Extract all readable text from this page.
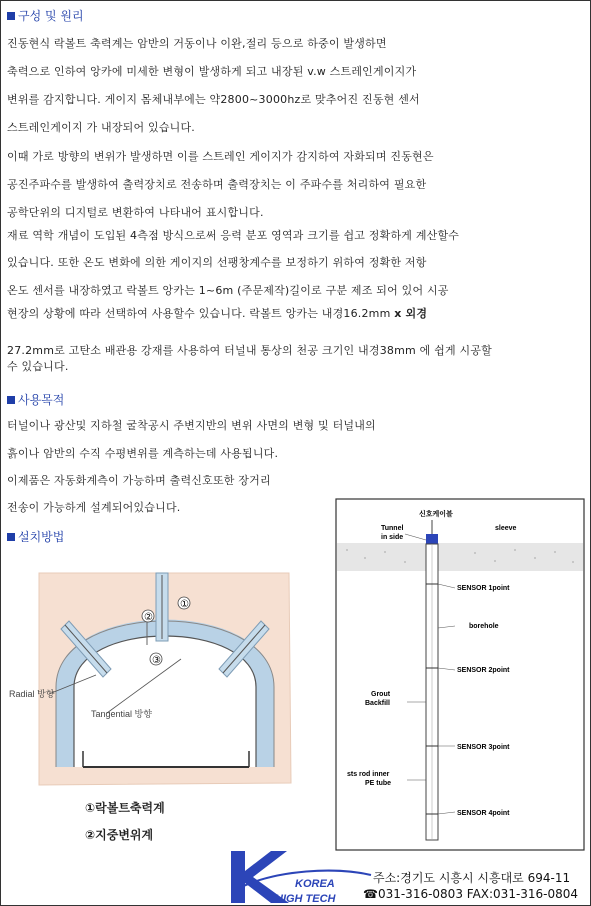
구성 및 원리
진동현식 락볼트 축력계는 암반의 거동이나 이완,절리 등으로 하중이 발생하면
축력으로 인하여 앙카에 미세한 변형이 발생하게 되고 내장된 v.w 스트레인게이지가
변위를 감지합니다. 게이지 몸체내부에는 약2800~3000hz로 맞추어진 진동현 센서
스트레인게이지 가 내장되어 있습니다.
이때 가로 방향의 변위가 발생하면 이를 스트레인 게이지가 감지하여 자화되며 진동현은
공진주파수를 발생하여 출력장치로 전송하며 출력장치는 이 주파수를 처리하여 필요한
공학단위의 디지털로 변환하여 나타내어 표시합니다.
재료 역학 개념이 도입된 4측점 방식으로써 응력 분포 영역과 크기를 쉽고 정확하게 계산할수
있습니다. 또한 온도 변화에 의한 게이지의 선팽창계수를 보정하기 위하여 정확한 저항
온도 센서를 내장하였고 락볼트 앙카는 1~6m (주문제작)길이로 구분 제조 되어 있어 시공
현장의 상황에 따라 선택하여 사용할수 있습니다. 락볼트 앙카는 내경16.2mm x 외경
27.2mm로 고탄소 배관용 강재를 사용하여 터널내 통상의 천공 크기인 내경38mm 에 쉽게 시공할
수 있습니다.
사용목적
터널이나 광산및 지하철 굴착공시 주변지반의 변위 사면의 변형 및 터널내의
흙이나 암반의 수직 수평변위를 계측하는데 사용됩니다.
이제품은 자동화계측이 가능하며 출력신호또한 장거리
전송이 가능하게 설계되어있습니다.
설치방법
①
②
③
Radial 방향
Tangential 방향
①락볼트축력계
②지중변위계
신호케이블
Tunnel
in side
sleeve
SENSOR 1point
borehole
SENSOR 2point
Grout
Backfill
SENSOR 3point
sts rod inner
PE tube
SENSOR 4point
KOREA
HIGH TECH
주소:경기도 시흥시 시흥대로 694-11
☎031-316-0803 FAX:031-316-0804
